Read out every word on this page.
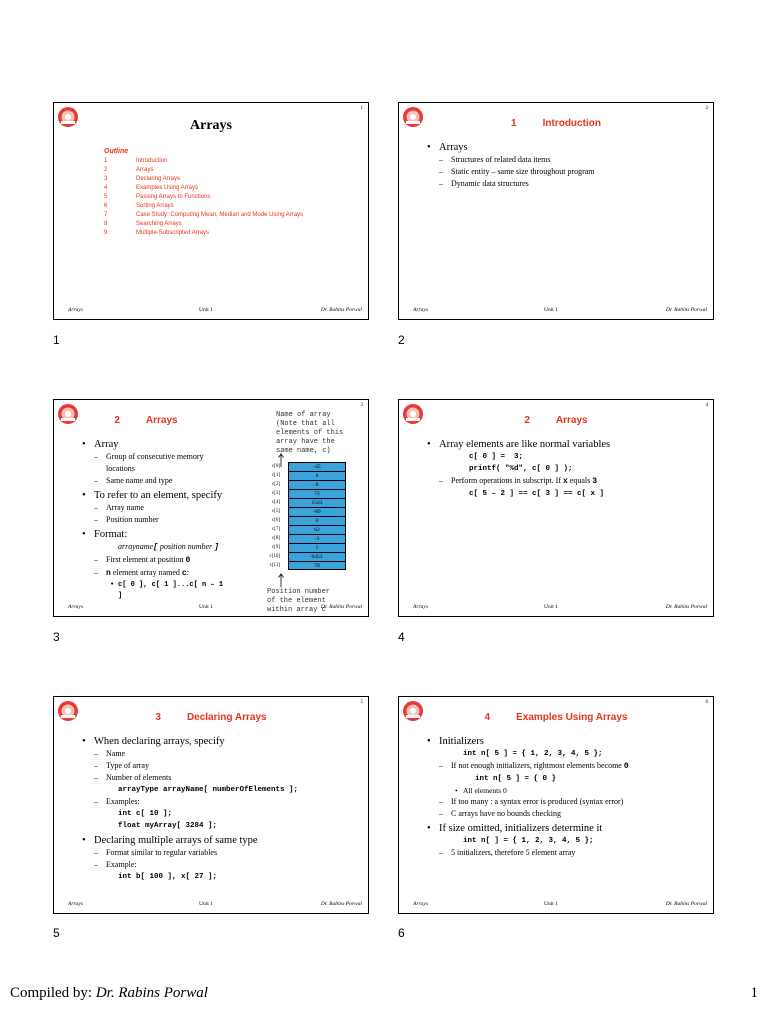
1
Arrays
Outline
1	Introduction
2	Arrays
3	Declaring Arrays
4	Examples Using Arrays
5	Passing Arrays to Functions
6	Sorting Arrays
7	Case Study: Computing Mean, Median and Mode Using Arrays
8	Searching Arrays
9	Multiple-Subscripted Arrays
Arrays	Unit 1	Dr. Rabins Porwal
1
2
1	Introduction
• Arrays
– Structures of related data items
– Static entity – same size throughout program
– Dynamic data structures
Arrays	Unit 1	Dr. Rabins Porwal
2
3
2	Arrays
• Array
– Group of consecutive memory locations
– Same name and type
• To refer to an element, specify
– Array name
– Position number
• Format:
arrayname[ position number ]
– First element at position 0
– n element array named c:
• c[ 0 ], c[ 1 ]...c[ n – 1 ]
Name of array
(Note that all
elements of this
array have the
same name, c)
c[0]	-45
c[1]	6
c[2]	0
c[3]	72
c[4]	1543
c[5]	-89
c[6]	0
c[7]	62
c[8]	-3
c[9]	1
c[10]	6453
c[11]	78
Position number
of the element
within array c
Arrays	Unit 1	Dr. Rabins Porwal
3
4
2	Arrays
• Array elements are like normal variables
c[ 0 ] =  3;
printf( "%d", c[ 0 ] );
– Perform operations in subscript. If x equals 3
c[ 5 – 2 ] == c[ 3 ] == c[ x ]
Arrays	Unit 1	Dr. Rabins Porwal
4
5
3	Declaring Arrays
• When declaring arrays, specify
– Name
– Type of array
– Number of elements
arrayType arrayName[ numberOfElements ];
– Examples:
int c[ 10 ];
float myArray[ 3284 ];
• Declaring multiple arrays of same type
– Format similar to regular variables
– Example:
int b[ 100 ], x[ 27 ];
Arrays	Unit 1	Dr. Rabins Porwal
5
6
4	Examples Using Arrays
• Initializers
int n[ 5 ] = { 1, 2, 3, 4, 5 };
– If not enough initializers, rightmost elements become 0
int n[ 5 ] = { 0 }
• All elements 0
– If too many : a syntax error is produced (syntax error)
– C arrays have no bounds checking
• If size omitted, initializers determine it
int n[ ] = { 1, 2, 3, 4, 5 };
– 5 initializers, therefore 5 element array
Arrays	Unit 1	Dr. Rabins Porwal
6
Compiled by: Dr. Rabins Porwal	1
